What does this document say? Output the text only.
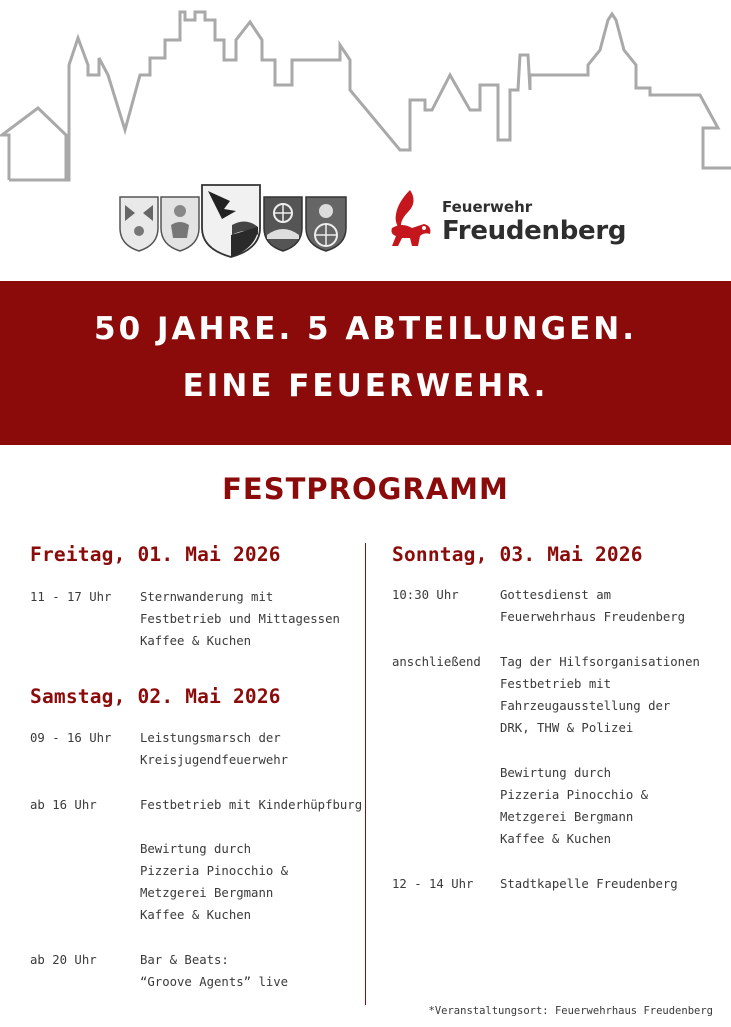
Feuerwehr
Freudenberg
50 JAHRE. 5 ABTEILUNGEN.
EINE FEUERWEHR.
FESTPROGRAMM
Freitag, 01. Mai 2026
11 - 17 Uhr Sternwanderung mit
Festbetrieb und Mittagessen
Kaffee & Kuchen
Samstag, 02. Mai 2026
09 - 16 Uhr Leistungsmarsch der
Kreisjugendfeuerwehr
ab 16 Uhr	Festbetrieb mit Kinderhüpfburg
Bewirtung durch
Pizzeria Pinocchio &
Metzgerei Bergmann
Kaffee & Kuchen
ab 20 Uhr	Bar & Beats:
“Groove Agents” live
Sonntag, 03. Mai 2026
10:30 Uhr	Gottesdienst am
Feuerwehrhaus Freudenberg
anschließend Tag der Hilfsorganisationen
Festbetrieb mit
Fahrzeugausstellung der
DRK, THW & Polizei
Bewirtung durch
Pizzeria Pinocchio &
Metzgerei Bergmann
Kaffee & Kuchen
12 - 14 Uhr Stadtkapelle Freudenberg
*Veranstaltungsort: Feuerwehrhaus Freudenberg
